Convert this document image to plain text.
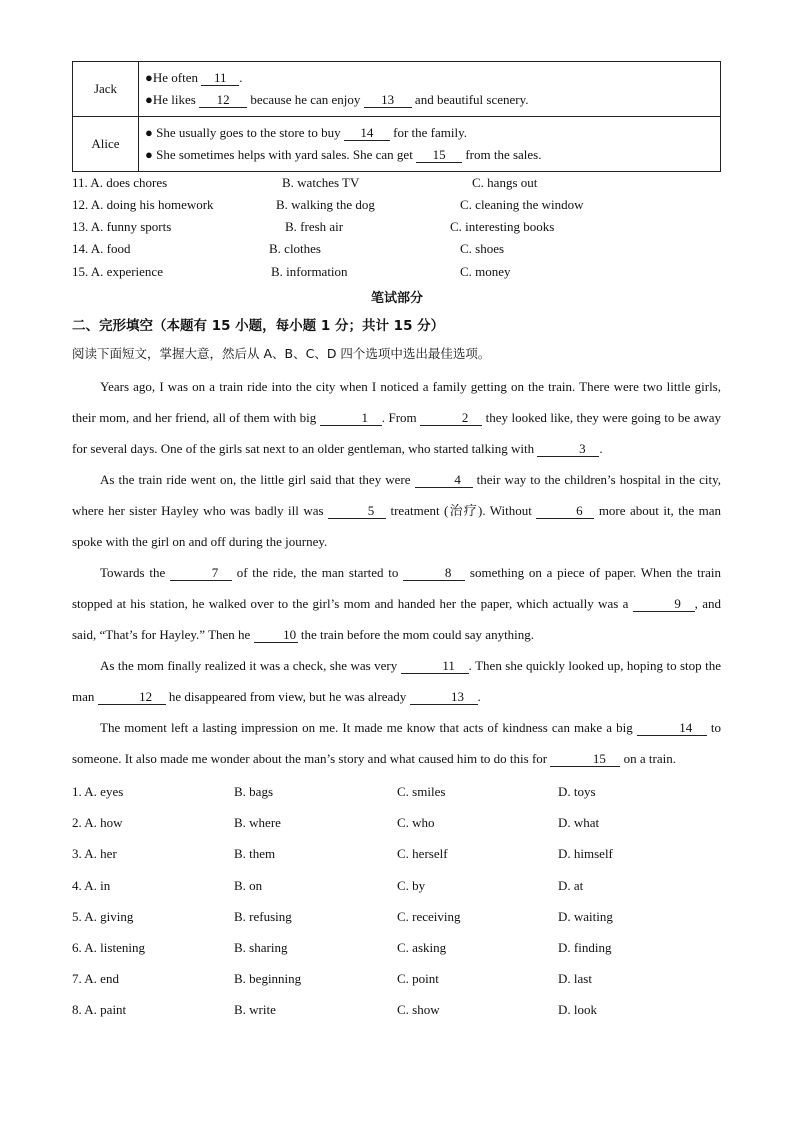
Jack	●He often 11 .
●He likes 12 because he can enjoy 13 and beautiful scenery.

Alice	● She usually goes to the store to buy 14 for the family.
● She sometimes helps with yard sales. She can get 15 from the sales.
11. A. does chores	B. watches TV	C. hangs out
12. A. doing his homework	B. walking the dog	C. cleaning the window
13. A. funny sports	B. fresh air	C. interesting books
14. A. food	B. clothes	C. shoes
15. A. experience	B. information	C. money
笔试部分
二、完形填空（本题有 15 小题，每小题 1 分；共计 15 分）
阅读下面短文，掌握大意，然后从 A、B、C、D 四个选项中选出最佳选项。

Years ago, I was on a train ride into the city when I noticed a family getting on the train. There were two little girls, their mom, and her friend, all of them with big	1 . From	2 they looked like, they were going to be away for several days. One of the girls sat next to an older gentleman, who started talking with	3 .

As the train ride went on, the little girl said that they were	4 their way to the children’s hospital in the city, where her sister Hayley who was badly ill was	5 treatment (治疗). Without	6 more about it, the man spoke with the girl on and off during the journey.

Towards the	7 of the ride, the man started to	8 something on a piece of paper. When the train stopped at his station, he walked over to the girl’s mom and handed her the paper, which actually was a	9 , and said, “That’s for Hayley.” Then he 10 the train before the mom could say anything.

As the mom finally realized it was a check, she was very	11 . Then she quickly looked up, hoping to stop the man	12 he disappeared from view, but he was already	13 .

The moment left a lasting impression on me. It made me know that acts of kindness can make a big	14 to someone. It also made me wonder about the man’s story and what caused him to do this for	15 on a train.

1. A. eyes	B. bags	C. smiles	D. toys
2. A. how	B. where	C. who	D. what
3. A. her	B. them	C. herself	D. himself
4. A. in	B. on	C. by	D. at
5. A. giving	B. refusing	C. receiving	D. waiting
6. A. listening	B. sharing	C. asking	D. finding
7. A. end	B. beginning	C. point	D. last
8. A. paint	B. write	C. show	D. look
